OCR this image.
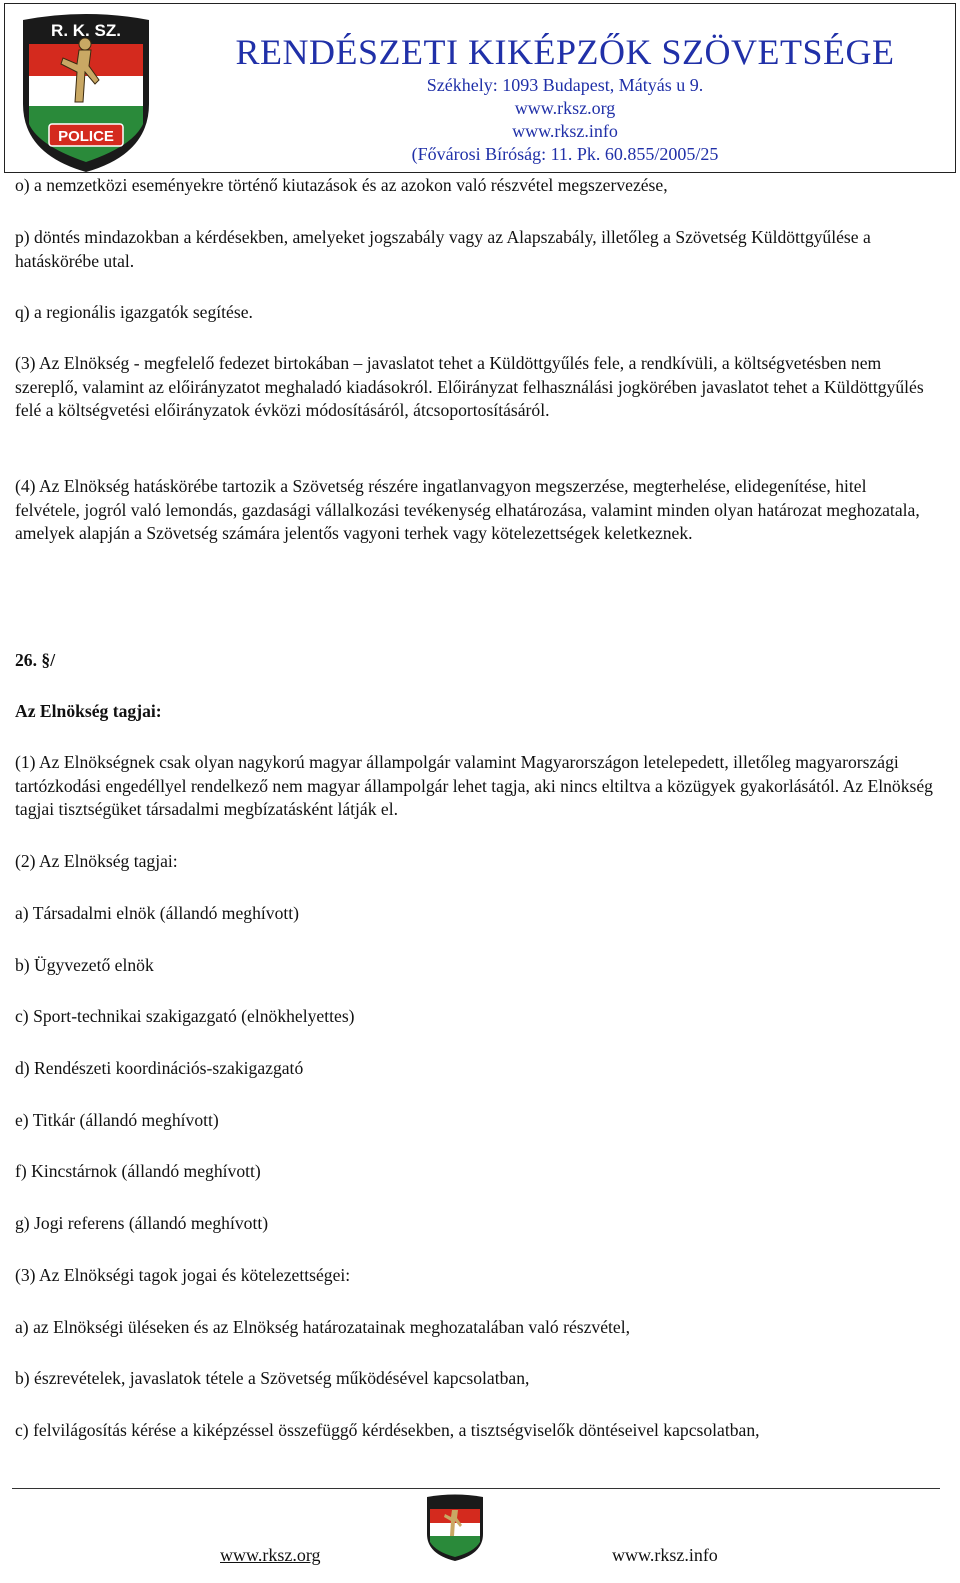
POLICE
R. K. SZ.
RENDÉSZETI KIKÉPZŐK SZÖVETSÉGE
Székhely: 1093 Budapest, Mátyás u 9.
www.rksz.org
www.rksz.info
(Fővárosi Bíróság: 11. Pk. 60.855/2005/25

o) a nemzetközi eseményekre történő kiutazások és az azokon való részvétel megszervezése,

p) döntés mindazokban a kérdésekben, amelyeket jogszabály vagy az Alapszabály, illetőleg a Szövetség Küldöttgyűlése a hatáskörébe utal.

q) a regionális igazgatók segítése.

(3) Az Elnökség - megfelelő fedezet birtokában – javaslatot tehet a Küldöttgyűlés fele, a rendkívüli, a költségvetésben nem szereplő, valamint az előirányzatot meghaladó kiadásokról. Előirányzat felhasználási jogkörében javaslatot tehet a Küldöttgyűlés felé a költségvetési előirányzatok évközi módosításáról, átcsoportosításáról.

(4) Az Elnökség hatáskörébe tartozik a Szövetség részére ingatlanvagyon megszerzése, megterhelése, elidegenítése, hitel felvétele, jogról való lemondás, gazdasági vállalkozási tevékenység elhatározása, valamint minden olyan határozat meghozatala, amelyek alapján a Szövetség számára jelentős vagyoni terhek vagy kötelezettségek keletkeznek.

26. §/

Az Elnökség tagjai:

(1) Az Elnökségnek csak olyan nagykorú magyar állampolgár valamint Magyarországon letelepedett, illetőleg magyarországi tartózkodási engedéllyel rendelkező nem magyar állampolgár lehet tagja, aki nincs eltiltva a közügyek gyakorlásától. Az Elnökség tagjai tisztségüket társadalmi megbízatásként látják el.

(2) Az Elnökség tagjai:

a) Társadalmi elnök (állandó meghívott)

b) Ügyvezető elnök

c) Sport-technikai szakigazgató (elnökhelyettes)

d) Rendészeti koordinációs-szakigazgató

e) Titkár (állandó meghívott)

f) Kincstárnok (állandó meghívott)

g) Jogi referens (állandó meghívott)

(3) Az Elnökségi tagok jogai és kötelezettségei:

a) az Elnökségi üléseken és az Elnökség határozatainak meghozatalában való részvétel,

b) észrevételek, javaslatok tétele a Szövetség működésével kapcsolatban,

c) felvilágosítás kérése a kiképzéssel összefüggő kérdésekben, a tisztségviselők döntéseivel kapcsolatban,

www.rksz.org	www.rksz.info
